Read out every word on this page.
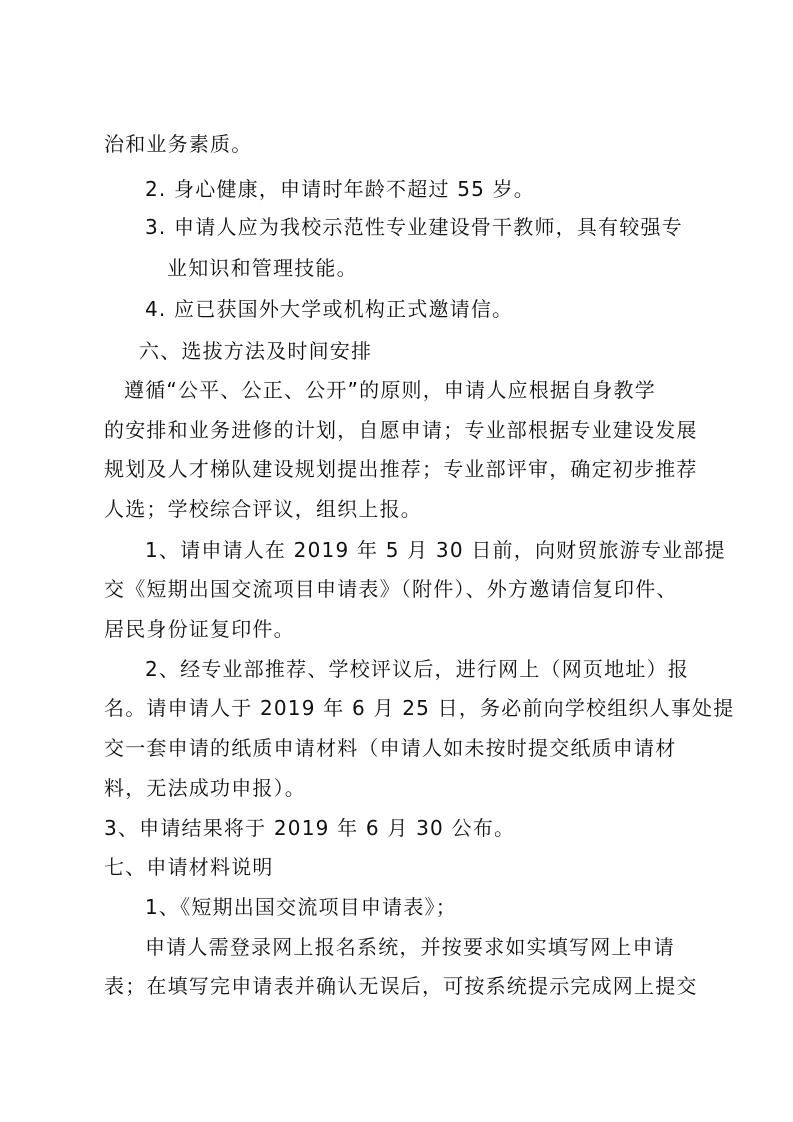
治和业务素质。
2. 身心健康，申请时年龄不超过 55 岁。
3. 申请人应为我校示范性专业建设骨干教师，具有较强专
业知识和管理技能。
4. 应已获国外大学或机构正式邀请信。
六、选拔方法及时间安排
遵循“公平、公正、公开”的原则，申请人应根据自身教学
的安排和业务进修的计划，自愿申请；专业部根据专业建设发展
规划及人才梯队建设规划提出推荐；专业部评审，确定初步推荐
人选；学校综合评议，组织上报。
1、请申请人在 2019 年 5 月 30 日前，向财贸旅游专业部提
交《短期出国交流项目申请表》（附件）、外方邀请信复印件、
居民身份证复印件。
2、经专业部推荐、学校评议后，进行网上（网页地址）报
名。请申请人于 2019 年 6 月 25 日，务必前向学校组织人事处提
交一套申请的纸质申请材料（申请人如未按时提交纸质申请材
料，无法成功申报）。
3、申请结果将于 2019 年 6 月 30 公布。
七、申请材料说明
1、《短期出国交流项目申请表》；
申请人需登录网上报名系统，并按要求如实填写网上申请
表；在填写完申请表并确认无误后，可按系统提示完成网上提交
